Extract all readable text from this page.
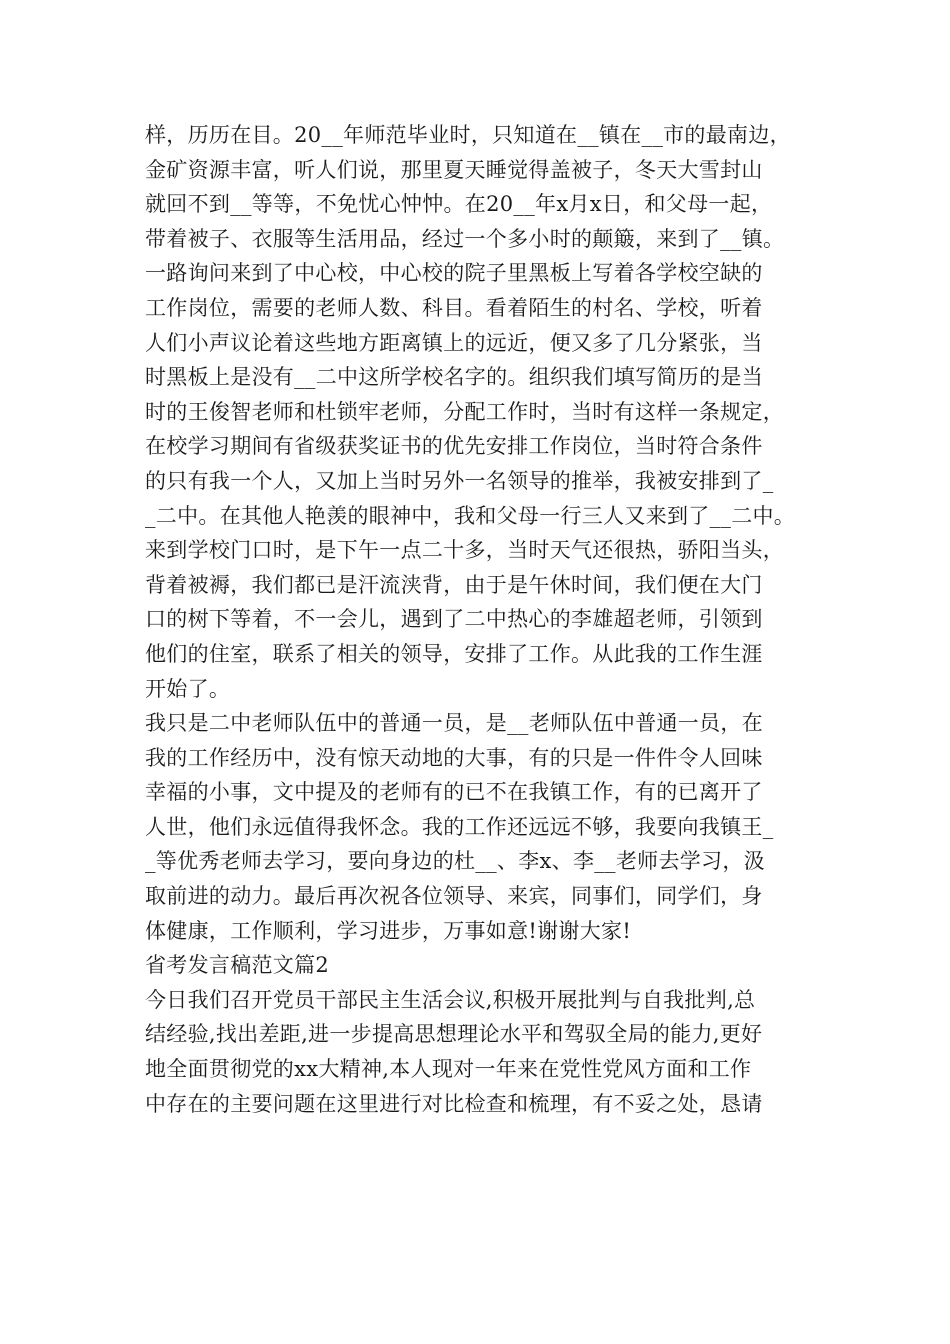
样，历历在目。20__年师范毕业时，只知道在__镇在__市的最南边，
金矿资源丰富，听人们说，那里夏天睡觉得盖被子，冬天大雪封山
就回不到__等等，不免忧心忡忡。在20__年x月x日，和父母一起，
带着被子、衣服等生活用品，经过一个多小时的颠簸，来到了__镇。
一路询问来到了中心校，中心校的院子里黑板上写着各学校空缺的
工作岗位，需要的老师人数、科目。看着陌生的村名、学校，听着
人们小声议论着这些地方距离镇上的远近，便又多了几分紧张，当
时黑板上是没有__二中这所学校名字的。组织我们填写简历的是当
时的王俊智老师和杜锁牢老师，分配工作时，当时有这样一条规定，
在校学习期间有省级获奖证书的优先安排工作岗位，当时符合条件
的只有我一个人，又加上当时另外一名领导的推举，我被安排到了_
_二中。在其他人艳羡的眼神中，我和父母一行三人又来到了__二中。
来到学校门口时，是下午一点二十多，当时天气还很热，骄阳当头，
背着被褥，我们都已是汗流浃背，由于是午休时间，我们便在大门
口的树下等着，不一会儿，遇到了二中热心的李雄超老师，引领到
他们的住室，联系了相关的领导，安排了工作。从此我的工作生涯
开始了。
我只是二中老师队伍中的普通一员，是__老师队伍中普通一员，在
我的工作经历中，没有惊天动地的大事，有的只是一件件令人回味
幸福的小事，文中提及的老师有的已不在我镇工作，有的已离开了
人世，他们永远值得我怀念。我的工作还远远不够，我要向我镇王_
_等优秀老师去学习，要向身边的杜__、李x、李__老师去学习，汲
取前进的动力。最后再次祝各位领导、来宾，同事们，同学们，身
体健康，工作顺利，学习进步，万事如意!谢谢大家!
省考发言稿范文篇2
今日我们召开党员干部民主生活会议,积极开展批判与自我批判,总
结经验,找出差距,进一步提高思想理论水平和驾驭全局的能力,更好
地全面贯彻党的xx大精神,本人现对一年来在党性党风方面和工作
中存在的主要问题在这里进行对比检查和梳理，有不妥之处，恳请
